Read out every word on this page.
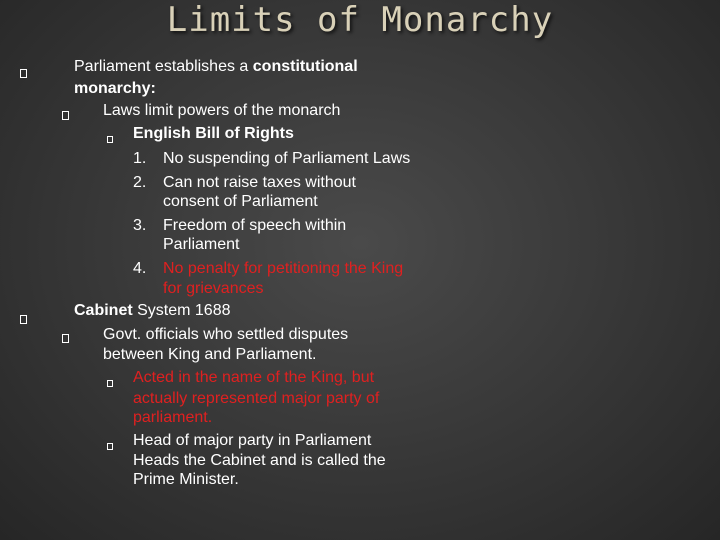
Limits of Monarchy
Parliament establishes a constitutional
monarchy:
Laws limit powers of the monarch
English Bill of Rights
1. No suspending of Parliament Laws
2. Can not raise taxes without
consent of Parliament
3. Freedom of speech within
Parliament
4. No penalty for petitioning the King
for grievances
Cabinet System 1688
Govt. officials who settled disputes
between King and Parliament.
Acted in the name of the King, but
actually represented major party of
parliament.
Head of major party in Parliament
Heads the Cabinet and is called the
Prime Minister.
